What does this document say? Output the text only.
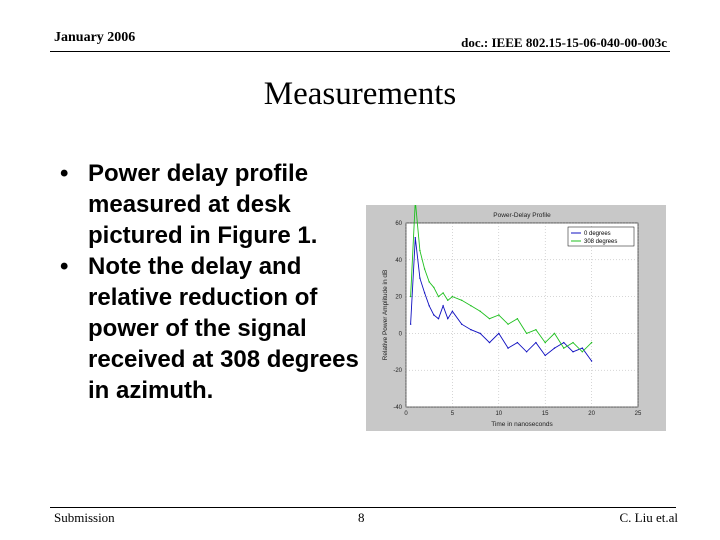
January 2006	doc.: IEEE 802.15-15-06-040-00-003c
Measurements
• Power delay profile measured at desk pictured in Figure 1.
• Note the delay and relative reduction of power of the signal received at 308 degrees in azimuth.
Power-Delay Profile
Time in nanoseconds
Relative Power Amplitude in dB
0	5	10	15	20	25
60
40
20
0
-20
-40
0 degrees
308 degrees
Submission	8	C. Liu et.al
